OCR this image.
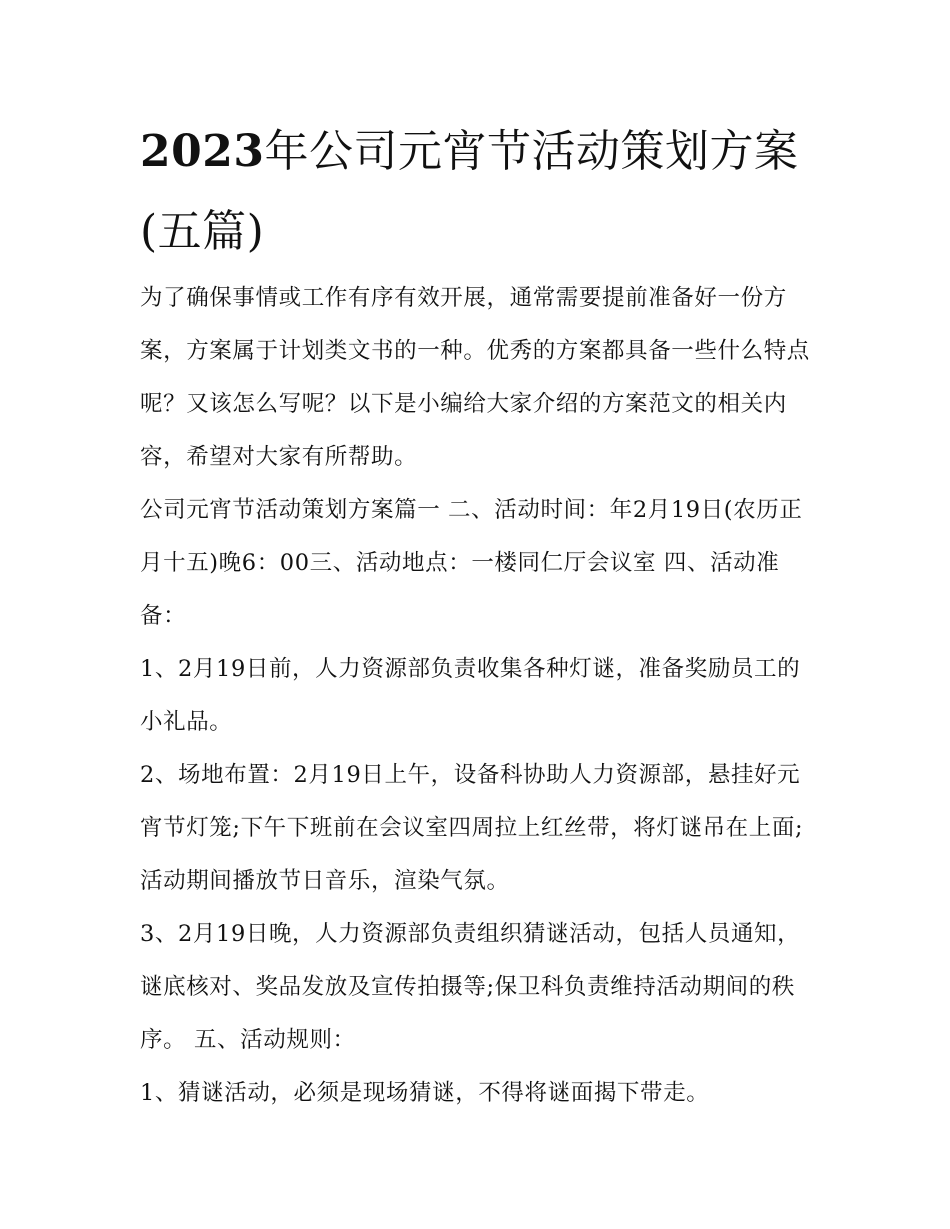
2023年公司元宵节活动策划方案(五篇)

为了确保事情或工作有序有效开展，通常需要提前准备好一份方案，方案属于计划类文书的一种。优秀的方案都具备一些什么特点呢？又该怎么写呢？以下是小编给大家介绍的方案范文的相关内容，希望对大家有所帮助。

公司元宵节活动策划方案篇一 二、活动时间：年2月19日(农历正月十五)晚6：00三、活动地点：一楼同仁厅会议室 四、活动准备：

1、2月19日前，人力资源部负责收集各种灯谜，准备奖励员工的小礼品。

2、场地布置：2月19日上午，设备科协助人力资源部，悬挂好元宵节灯笼;下午下班前在会议室四周拉上红丝带，将灯谜吊在上面;活动期间播放节日音乐，渲染气氛。

3、2月19日晚，人力资源部负责组织猜谜活动，包括人员通知，谜底核对、奖品发放及宣传拍摄等;保卫科负责维持活动期间的秩序。 五、活动规则：

1、猜谜活动，必须是现场猜谜，不得将谜面揭下带走。
